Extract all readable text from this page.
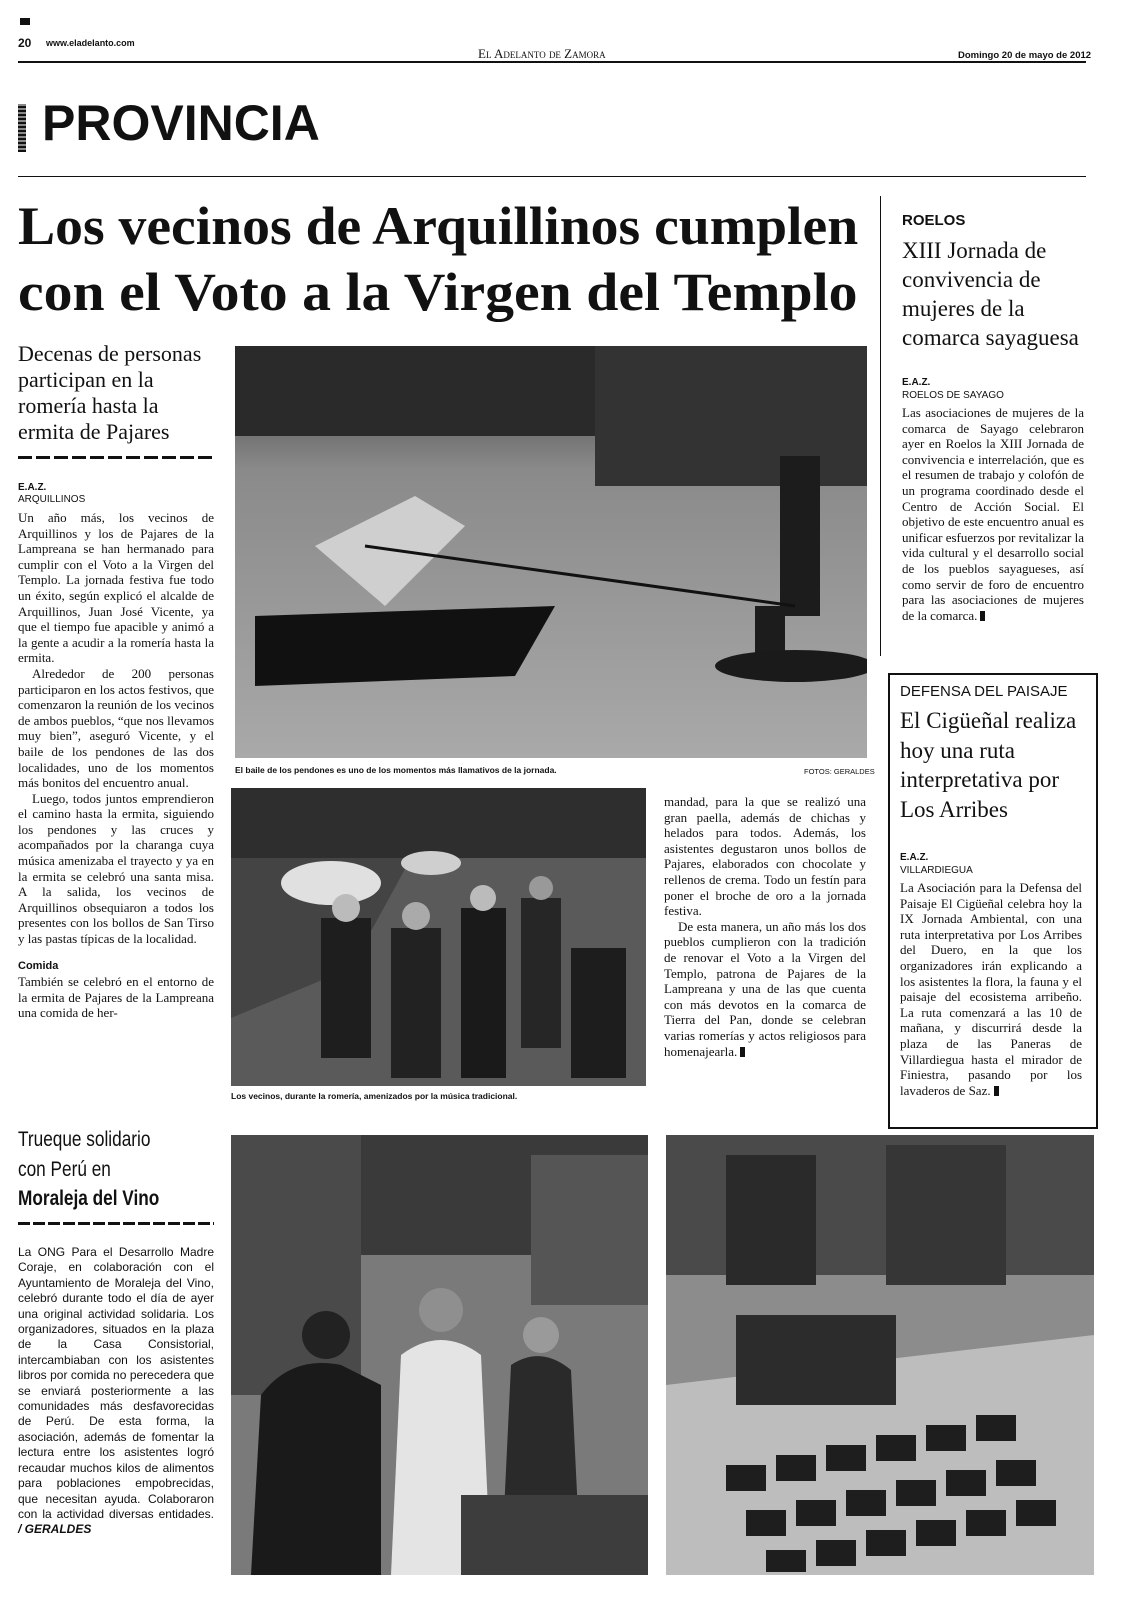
20 www.eladelanto.com
El Adelanto de Zamora	Domingo 20 de mayo de 2012
PROVINCIA
Los vecinos de Arquillinos cumplen
con el Voto a la Virgen del Templo
Decenas de personas participan en la romería hasta la ermita de Pajares
E.A.Z.
ARQUILLINOS

Un año más, los vecinos de Arquillinos y los de Pajares de la Lampreana se han hermanado para cumplir con el Voto a la Virgen del Templo. La jornada festiva fue todo un éxito, según explicó el alcalde de Arquillinos, Juan José Vicente, ya que el tiempo fue apacible y animó a la gente a acudir a la romería hasta la ermita.

Alrededor de 200 personas participaron en los actos festivos, que comenzaron la reunión de los vecinos de ambos pueblos, “que nos llevamos muy bien”, aseguró Vicente, y el baile de los pendones de las dos localidades, uno de los momentos más bonitos del encuentro anual.

Luego, todos juntos emprendieron el camino hasta la ermita, siguiendo los pendones y las cruces y acompañados por la charanga cuya música amenizaba el trayecto y ya en la ermita se celebró una santa misa. A la salida, los vecinos de Arquillinos obsequiaron a todos los presentes con los bollos de San Tirso y las pastas típicas de la localidad.

Comida

También se celebró en el entorno de la ermita de Pajares de la Lampreana una comida de her-

El baile de los pendones es uno de los momentos más llamativos de la jornada.	FOTOS: GERALDES
Los vecinos, durante la romería, amenizados por la música tradicional.

mandad, para la que se realizó una gran paella, además de chichas y helados para todos. Además, los asistentes degustaron unos bollos de Pajares, elaborados con chocolate y rellenos de crema. Todo un festín para poner el broche de oro a la jornada festiva.

De esta manera, un año más los dos pueblos cumplieron con la tradición de renovar el Voto a la Virgen del Templo, patrona de Pajares de la Lampreana y una de las que cuenta con más devotos en la comarca de Tierra del Pan, donde se celebran varias romerías y actos religiosos para homenajearla.

ROELOS
XIII Jornada de convivencia de mujeres de la comarca sayaguesa
E.A.Z.
ROELOS DE SAYAGO

Las asociaciones de mujeres de la comarca de Sayago celebraron ayer en Roelos la XIII Jornada de convivencia e interrelación, que es el resumen de trabajo y colofón de un programa coordinado desde el Centro de Acción Social. El objetivo de este encuentro anual es unificar esfuerzos por revitalizar la vida cultural y el desarrollo social de los pueblos sayagueses, así como servir de foro de encuentro para las asociaciones de mujeres de la comarca.

DEFENSA DEL PAISAJE
El Cigüeñal realiza hoy una ruta interpretativa por Los Arribes
E.A.Z.
VILLARDIEGUA

La Asociación para la Defensa del Paisaje El Cigüeñal celebra hoy la IX Jornada Ambiental, con una ruta interpretativa por Los Arribes del Duero, en la que los organizadores irán explicando a los asistentes la flora, la fauna y el paisaje del ecosistema arribeño. La ruta comenzará a las 10 de mañana, y discurrirá desde la plaza de las Paneras de Villardiegua hasta el mirador de Finiestra, pasando por los lavaderos de Saz.

Trueque solidario
con Perú en
Moraleja del Vino
La ONG Para el Desarrollo Madre Coraje, en colaboración con el Ayuntamiento de Moraleja del Vino, celebró durante todo el día de ayer una original actividad solidaria. Los organizadores, situados en la plaza de la Casa Consistorial, intercambiaban con los asistentes libros por comida no perecedera que se enviará posteriormente a las comunidades más desfavorecidas de Perú. De esta forma, la asociación, además de fomentar la lectura entre los asistentes logró recaudar muchos kilos de alimentos para poblaciones empobrecidas, que necesitan ayuda. Colaboraron con la actividad diversas entidades. / GERALDES
